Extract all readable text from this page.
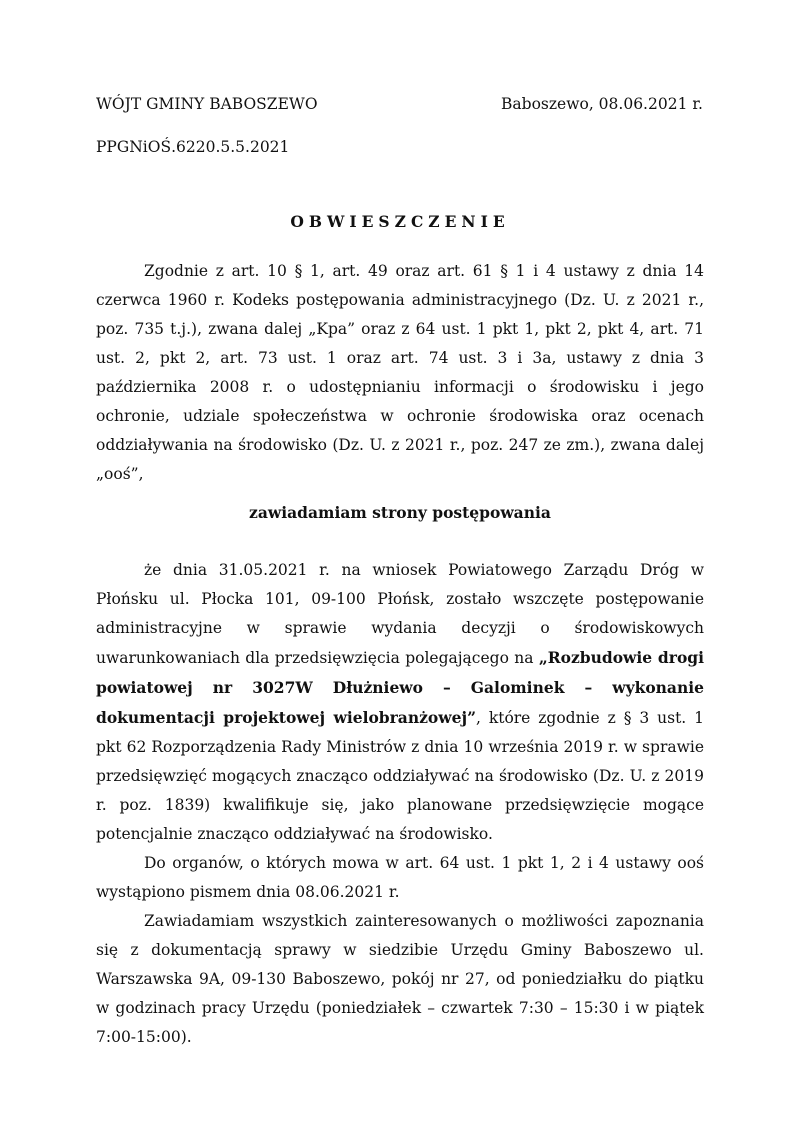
WÓJT GMINY BABOSZEWO	Baboszewo, 08.06.2021 r.
PPGNiOŚ.6220.5.5.2021
OBWIESZCZENIE

Zgodnie z art. 10 § 1, art. 49 oraz art. 61 § 1 i 4 ustawy z dnia 14 czerwca 1960 r. Kodeks postępowania administracyjnego (Dz. U. z 2021 r., poz. 735 t.j.), zwana dalej „Kpa” oraz z 64 ust. 1 pkt 1, pkt 2, pkt 4, art. 71 ust. 2, pkt 2, art. 73 ust. 1 oraz art. 74 ust. 3 i 3a, ustawy z dnia 3 października 2008 r. o udostępnianiu informacji o środowisku i jego ochronie, udziale społeczeństwa w ochronie środowiska oraz ocenach oddziaływania na środowisko (Dz. U. z 2021 r., poz. 247 ze zm.), zwana dalej „ooś”,

zawiadamiam strony postępowania

że dnia 31.05.2021 r. na wniosek Powiatowego Zarządu Dróg w Płońsku ul. Płocka 101, 09-100 Płońsk, zostało wszczęte postępowanie administracyjne w sprawie wydania decyzji o środowiskowych uwarunkowaniach dla przedsięwzięcia polegającego na „Rozbudowie drogi powiatowej nr 3027W Dłużniewo – Galominek – wykonanie dokumentacji projektowej wielobranżowej”, które zgodnie z § 3 ust. 1 pkt 62 Rozporządzenia Rady Ministrów z dnia 10 września 2019 r. w sprawie przedsięwzięć mogących znacząco oddziaływać na środowisko (Dz. U. z 2019 r. poz. 1839) kwalifikuje się, jako planowane przedsięwzięcie mogące potencjalnie znacząco oddziaływać na środowisko.

Do organów, o których mowa w art. 64 ust. 1 pkt 1, 2 i 4 ustawy ooś wystąpiono pismem dnia 08.06.2021 r.

Zawiadamiam wszystkich zainteresowanych o możliwości zapoznania się z dokumentacją sprawy w siedzibie Urzędu Gminy Baboszewo ul. Warszawska 9A, 09-130 Baboszewo, pokój nr 27, od poniedziałku do piątku w godzinach pracy Urzędu (poniedziałek – czwartek 7:30 – 15:30 i w piątek 7:00-15:00).
